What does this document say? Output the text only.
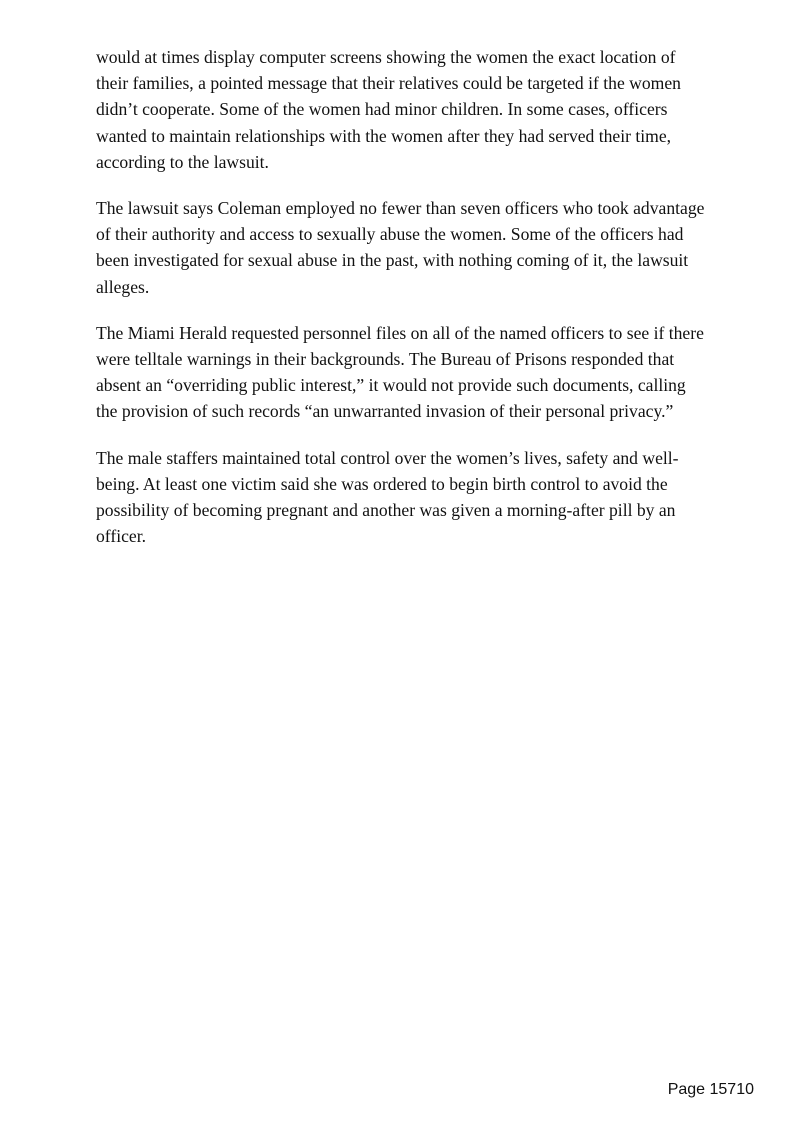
would at times display computer screens showing the women the exact location of their families, a pointed message that their relatives could be targeted if the women didn’t cooperate. Some of the women had minor children. In some cases, officers wanted to maintain relationships with the women after they had served their time, according to the lawsuit.

The lawsuit says Coleman employed no fewer than seven officers who took advantage of their authority and access to sexually abuse the women. Some of the officers had been investigated for sexual abuse in the past, with nothing coming of it, the lawsuit alleges.

The Miami Herald requested personnel files on all of the named officers to see if there were telltale warnings in their backgrounds. The Bureau of Prisons responded that absent an “overriding public interest,” it would not provide such documents, calling the provision of such records “an unwarranted invasion of their personal privacy.”

The male staffers maintained total control over the women’s lives, safety and well-being. At least one victim said she was ordered to begin birth control to avoid the possibility of becoming pregnant and another was given a morning-after pill by an officer.

Page 15710
